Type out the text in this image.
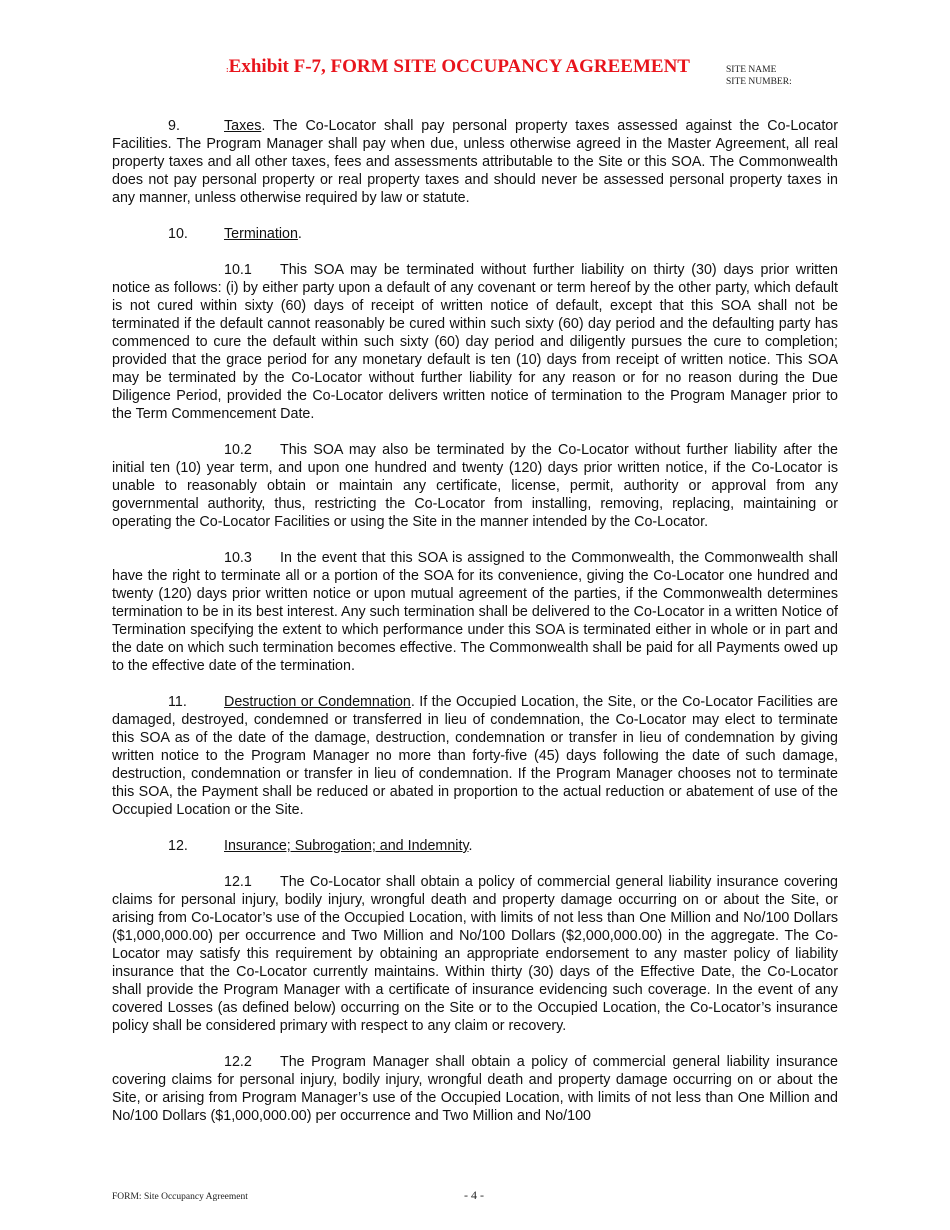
:Exhibit F-7, FORM SITE OCCUPANCY AGREEMENT	SITE NAME
SITE NUMBER:

9.	Taxes. The Co-Locator shall pay personal property taxes assessed against the Co-Locator Facilities. The Program Manager shall pay when due, unless otherwise agreed in the Master Agreement, all real property taxes and all other taxes, fees and assessments attributable to the Site or this SOA. The Commonwealth does not pay personal property or real property taxes and should never be assessed personal property taxes in any manner, unless otherwise required by law or statute.

10.	Termination.

10.1 This SOA may be terminated without further liability on thirty (30) days prior written notice as follows: (i) by either party upon a default of any covenant or term hereof by the other party, which default is not cured within sixty (60) days of receipt of written notice of default, except that this SOA shall not be terminated if the default cannot reasonably be cured within such sixty (60) day period and the defaulting party has commenced to cure the default within such sixty (60) day period and diligently pursues the cure to completion; provided that the grace period for any monetary default is ten (10) days from receipt of written notice. This SOA may be terminated by the Co-Locator without further liability for any reason or for no reason during the Due Diligence Period, provided the Co-Locator delivers written notice of termination to the Program Manager prior to the Term Commencement Date.

10.2 This SOA may also be terminated by the Co-Locator without further liability after the initial ten (10) year term, and upon one hundred and twenty (120) days prior written notice, if the Co-Locator is unable to reasonably obtain or maintain any certificate, license, permit, authority or approval from any governmental authority, thus, restricting the Co-Locator from installing, removing, replacing, maintaining or operating the Co-Locator Facilities or using the Site in the manner intended by the Co-Locator.

10.3 In the event that this SOA is assigned to the Commonwealth, the Commonwealth shall have the right to terminate all or a portion of the SOA for its convenience, giving the Co-Locator one hundred and twenty (120) days prior written notice or upon mutual agreement of the parties, if the Commonwealth determines termination to be in its best interest. Any such termination shall be delivered to the Co-Locator in a written Notice of Termination specifying the extent to which performance under this SOA is terminated either in whole or in part and the date on which such termination becomes effective. The Commonwealth shall be paid for all Payments owed up to the effective date of the termination.

11.	Destruction or Condemnation. If the Occupied Location, the Site, or the Co-Locator Facilities are damaged, destroyed, condemned or transferred in lieu of condemnation, the Co-Locator may elect to terminate this SOA as of the date of the damage, destruction, condemnation or transfer in lieu of condemnation by giving written notice to the Program Manager no more than forty-five (45) days following the date of such damage, destruction, condemnation or transfer in lieu of condemnation. If the Program Manager chooses not to terminate this SOA, the Payment shall be reduced or abated in proportion to the actual reduction or abatement of use of the Occupied Location or the Site.

12.	Insurance; Subrogation; and Indemnity.

12.1 The Co-Locator shall obtain a policy of commercial general liability insurance covering claims for personal injury, bodily injury, wrongful death and property damage occurring on or about the Site, or arising from Co-Locator’s use of the Occupied Location, with limits of not less than One Million and No/100 Dollars ($1,000,000.00) per occurrence and Two Million and No/100 Dollars ($2,000,000.00) in the aggregate. The Co-Locator may satisfy this requirement by obtaining an appropriate endorsement to any master policy of liability insurance that the Co-Locator currently maintains. Within thirty (30) days of the Effective Date, the Co-Locator shall provide the Program Manager with a certificate of insurance evidencing such coverage. In the event of any covered Losses (as defined below) occurring on the Site or to the Occupied Location, the Co-Locator’s insurance policy shall be considered primary with respect to any claim or recovery.

12.2 The Program Manager shall obtain a policy of commercial general liability insurance covering claims for personal injury, bodily injury, wrongful death and property damage occurring on or about the Site, or arising from Program Manager’s use of the Occupied Location, with limits of not less than One Million and No/100 Dollars ($1,000,000.00) per occurrence and Two Million and No/100

FORM: Site Occupancy Agreement	- 4 -
